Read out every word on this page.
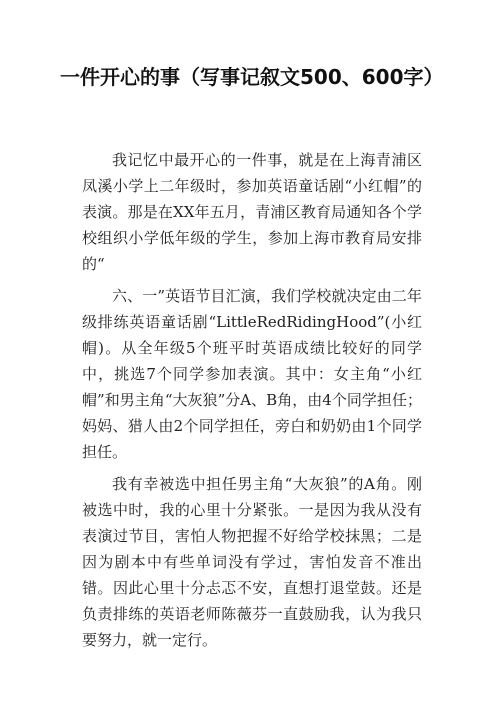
一件开心的事（写事记叙文500、600字）

我记忆中最开心的一件事，就是在上海青浦区凤溪小学上二年级时，参加英语童话剧“小红帽”的表演。那是在XX年五月，青浦区教育局通知各个学校组织小学低年级的学生，参加上海市教育局安排的“

六、一”英语节目汇演，我们学校就决定由二年级排练英语童话剧“LittleRedRidingHood”(小红帽)。从全年级5个班平时英语成绩比较好的同学中，挑选7个同学参加表演。其中：女主角“小红帽”和男主角“大灰狼”分A、B角，由4个同学担任；妈妈、猎人由2个同学担任，旁白和奶奶由1个同学担任。

我有幸被选中担任男主角“大灰狼”的A角。刚被选中时，我的心里十分紧张。一是因为我从没有表演过节目，害怕人物把握不好给学校抹黑；二是因为剧本中有些单词没有学过，害怕发音不准出错。因此心里十分忐忑不安，直想打退堂鼓。还是负责排练的英语老师陈薇芬一直鼓励我，认为我只要努力，就一定行。
